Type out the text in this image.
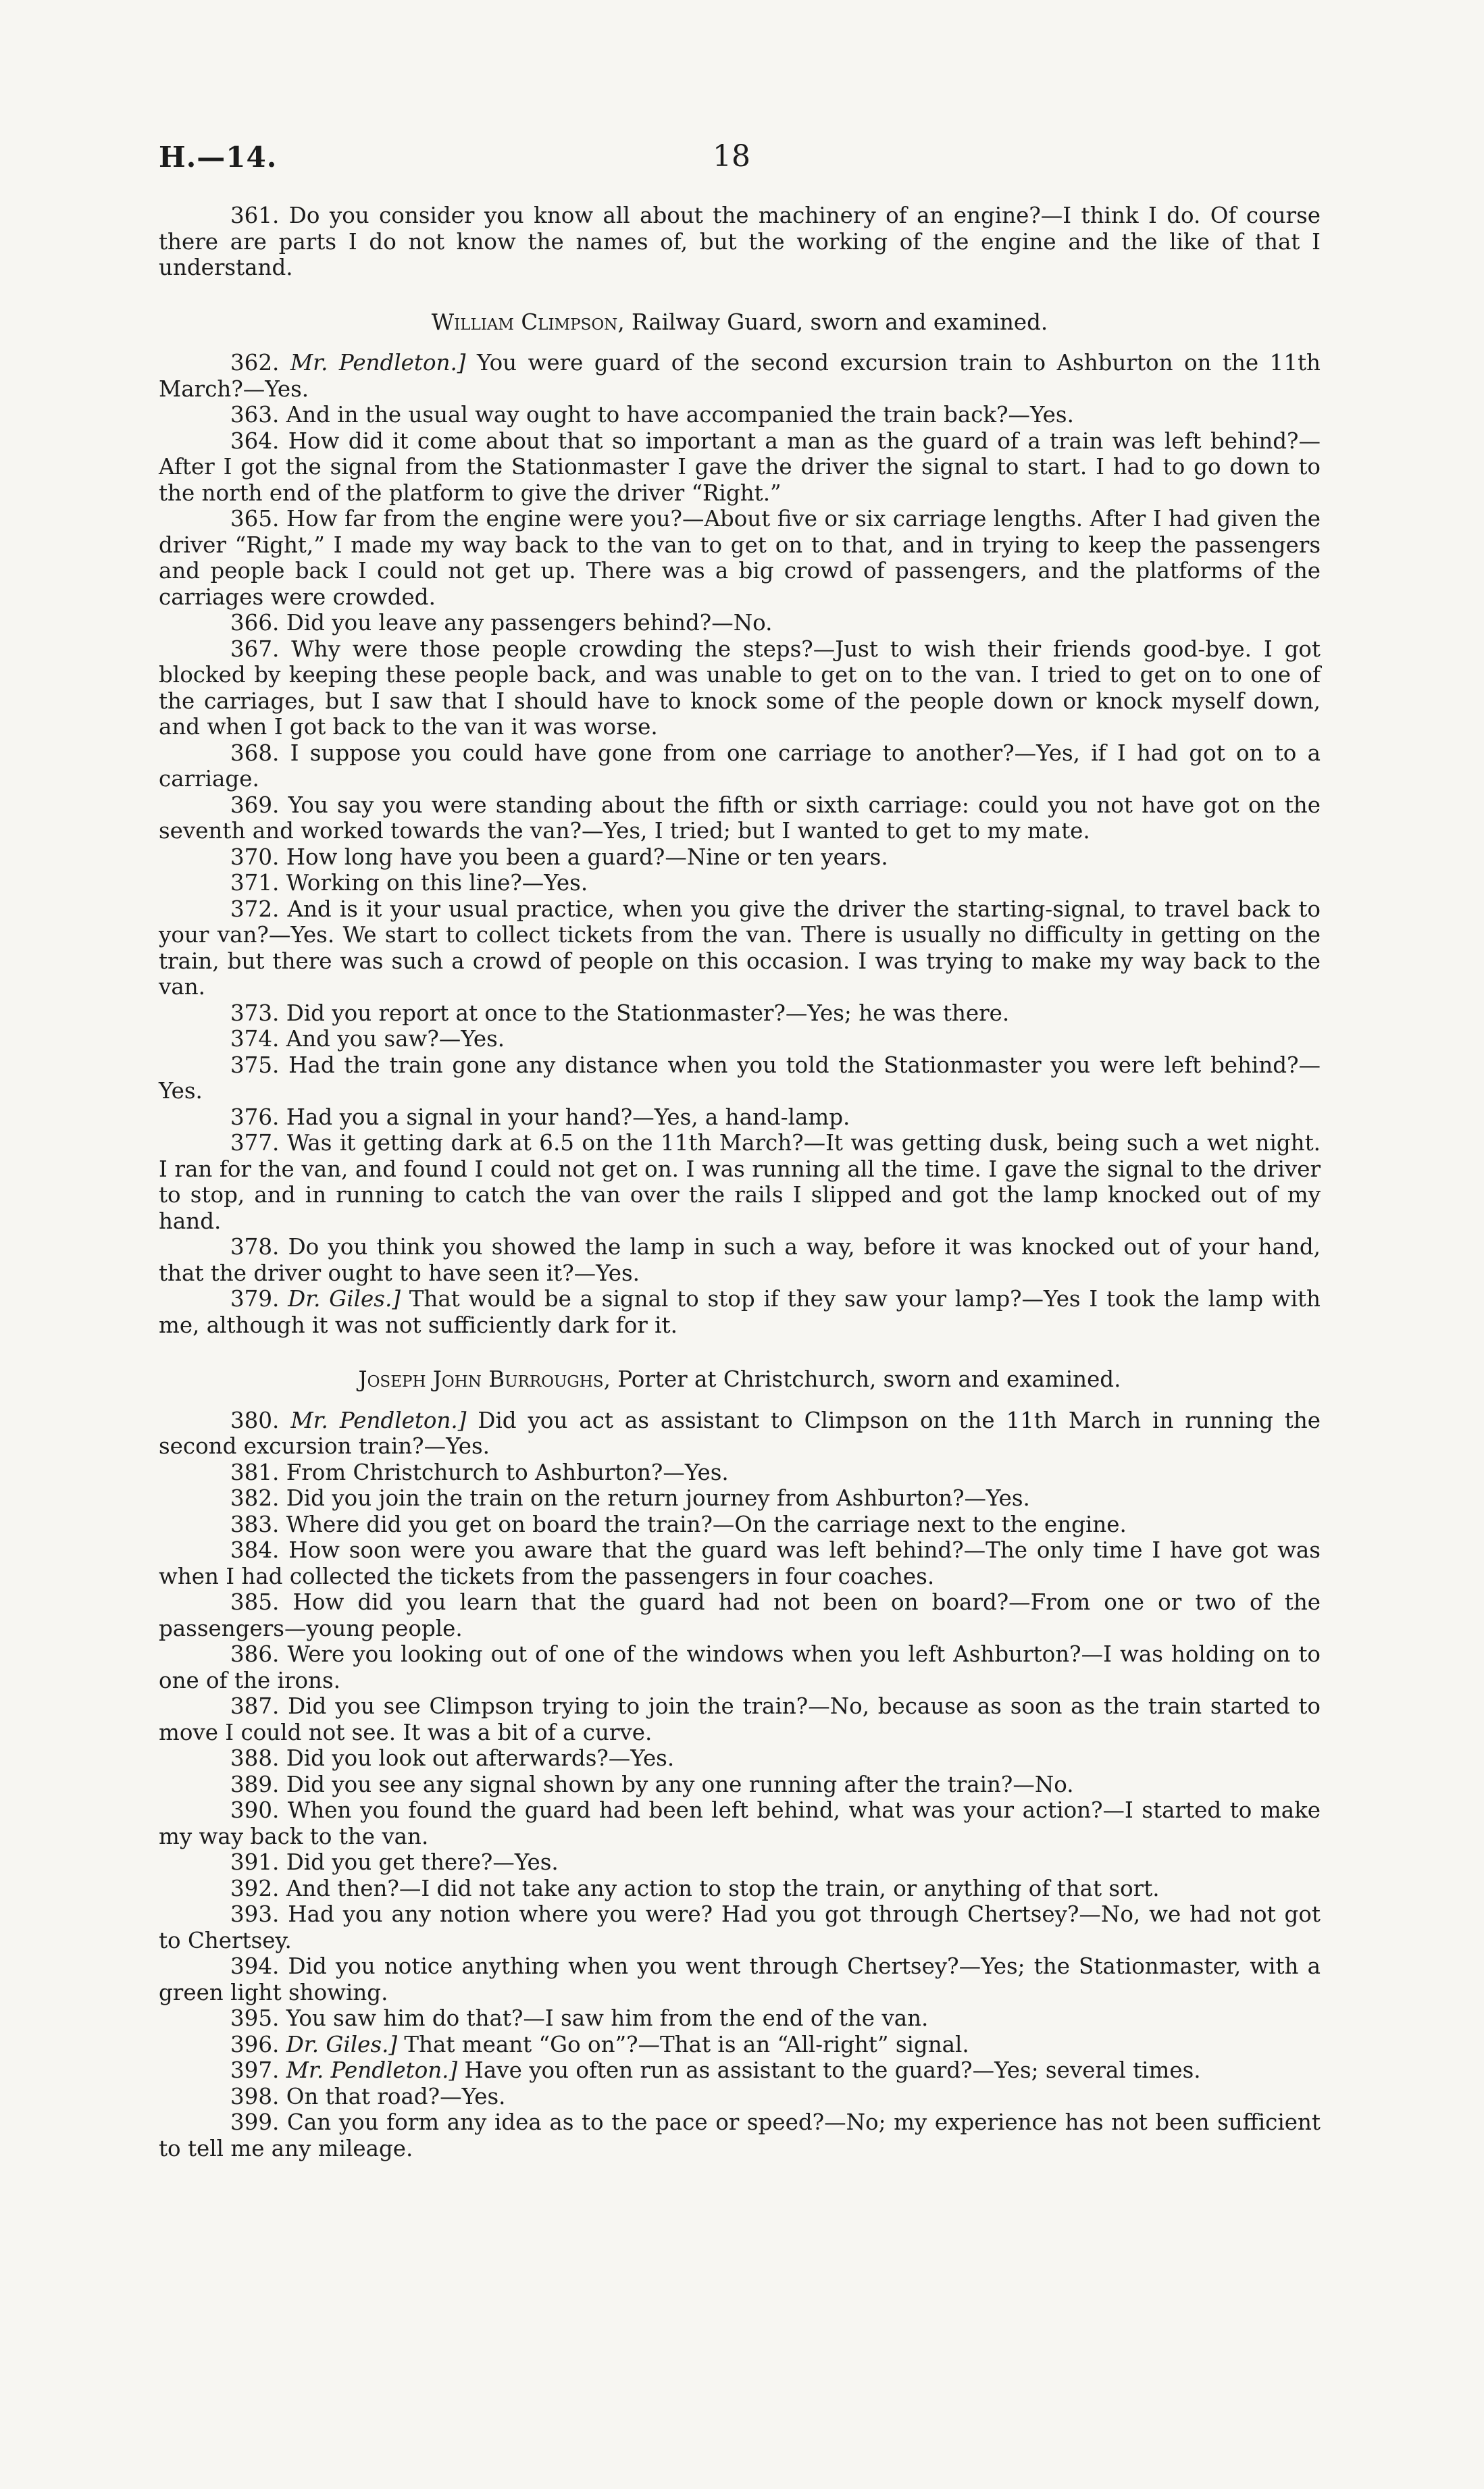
H.—14.	18

361. Do you consider you know all about the machinery of an engine?—I think I do. Of course there are parts I do not know the names of, but the working of the engine and the like of that I understand.

William Climpson, Railway Guard, sworn and examined.

362. Mr. Pendleton.] You were guard of the second excursion train to Ashburton on the 11th March?—Yes.

363. And in the usual way ought to have accompanied the train back?—Yes.

364. How did it come about that so important a man as the guard of a train was left behind?—After I got the signal from the Stationmaster I gave the driver the signal to start. I had to go down to the north end of the platform to give the driver “Right.”

365. How far from the engine were you?—About five or six carriage lengths. After I had given the driver “Right,” I made my way back to the van to get on to that, and in trying to keep the passengers and people back I could not get up. There was a big crowd of passengers, and the platforms of the carriages were crowded.

366. Did you leave any passengers behind?—No.

367. Why were those people crowding the steps?—Just to wish their friends good-bye. I got blocked by keeping these people back, and was unable to get on to the van. I tried to get on to one of the carriages, but I saw that I should have to knock some of the people down or knock myself down, and when I got back to the van it was worse.

368. I suppose you could have gone from one carriage to another?—Yes, if I had got on to a carriage.

369. You say you were standing about the fifth or sixth carriage: could you not have got on the seventh and worked towards the van?—Yes, I tried; but I wanted to get to my mate.

370. How long have you been a guard?—Nine or ten years.

371. Working on this line?—Yes.

372. And is it your usual practice, when you give the driver the starting-signal, to travel back to your van?—Yes. We start to collect tickets from the van. There is usually no difficulty in getting on the train, but there was such a crowd of people on this occasion. I was trying to make my way back to the van.

373. Did you report at once to the Stationmaster?—Yes; he was there.

374. And you saw?—Yes.

375. Had the train gone any distance when you told the Stationmaster you were left behind?—Yes.

376. Had you a signal in your hand?—Yes, a hand-lamp.

377. Was it getting dark at 6.5 on the 11th March?—It was getting dusk, being such a wet night. I ran for the van, and found I could not get on. I was running all the time. I gave the signal to the driver to stop, and in running to catch the van over the rails I slipped and got the lamp knocked out of my hand.

378. Do you think you showed the lamp in such a way, before it was knocked out of your hand, that the driver ought to have seen it?—Yes.

379. Dr. Giles.] That would be a signal to stop if they saw your lamp?—Yes I took the lamp with me, although it was not sufficiently dark for it.

Joseph John Burroughs, Porter at Christchurch, sworn and examined.

380. Mr. Pendleton.] Did you act as assistant to Climpson on the 11th March in running the second excursion train?—Yes.

381. From Christchurch to Ashburton?—Yes.

382. Did you join the train on the return journey from Ashburton?—Yes.

383. Where did you get on board the train?—On the carriage next to the engine.

384. How soon were you aware that the guard was left behind?—The only time I have got was when I had collected the tickets from the passengers in four coaches.

385. How did you learn that the guard had not been on board?—From one or two of the passengers—young people.

386. Were you looking out of one of the windows when you left Ashburton?—I was holding on to one of the irons.

387. Did you see Climpson trying to join the train?—No, because as soon as the train started to move I could not see. It was a bit of a curve.

388. Did you look out afterwards?—Yes.

389. Did you see any signal shown by any one running after the train?—No.

390. When you found the guard had been left behind, what was your action?—I started to make my way back to the van.

391. Did you get there?—Yes.

392. And then?—I did not take any action to stop the train, or anything of that sort.

393. Had you any notion where you were? Had you got through Chertsey?—No, we had not got to Chertsey.

394. Did you notice anything when you went through Chertsey?—Yes; the Stationmaster, with a green light showing.

395. You saw him do that?—I saw him from the end of the van.

396. Dr. Giles.] That meant “Go on”?—That is an “All-right” signal.

397. Mr. Pendleton.] Have you often run as assistant to the guard?—Yes; several times.

398. On that road?—Yes.

399. Can you form any idea as to the pace or speed?—No; my experience has not been sufficient to tell me any mileage.
